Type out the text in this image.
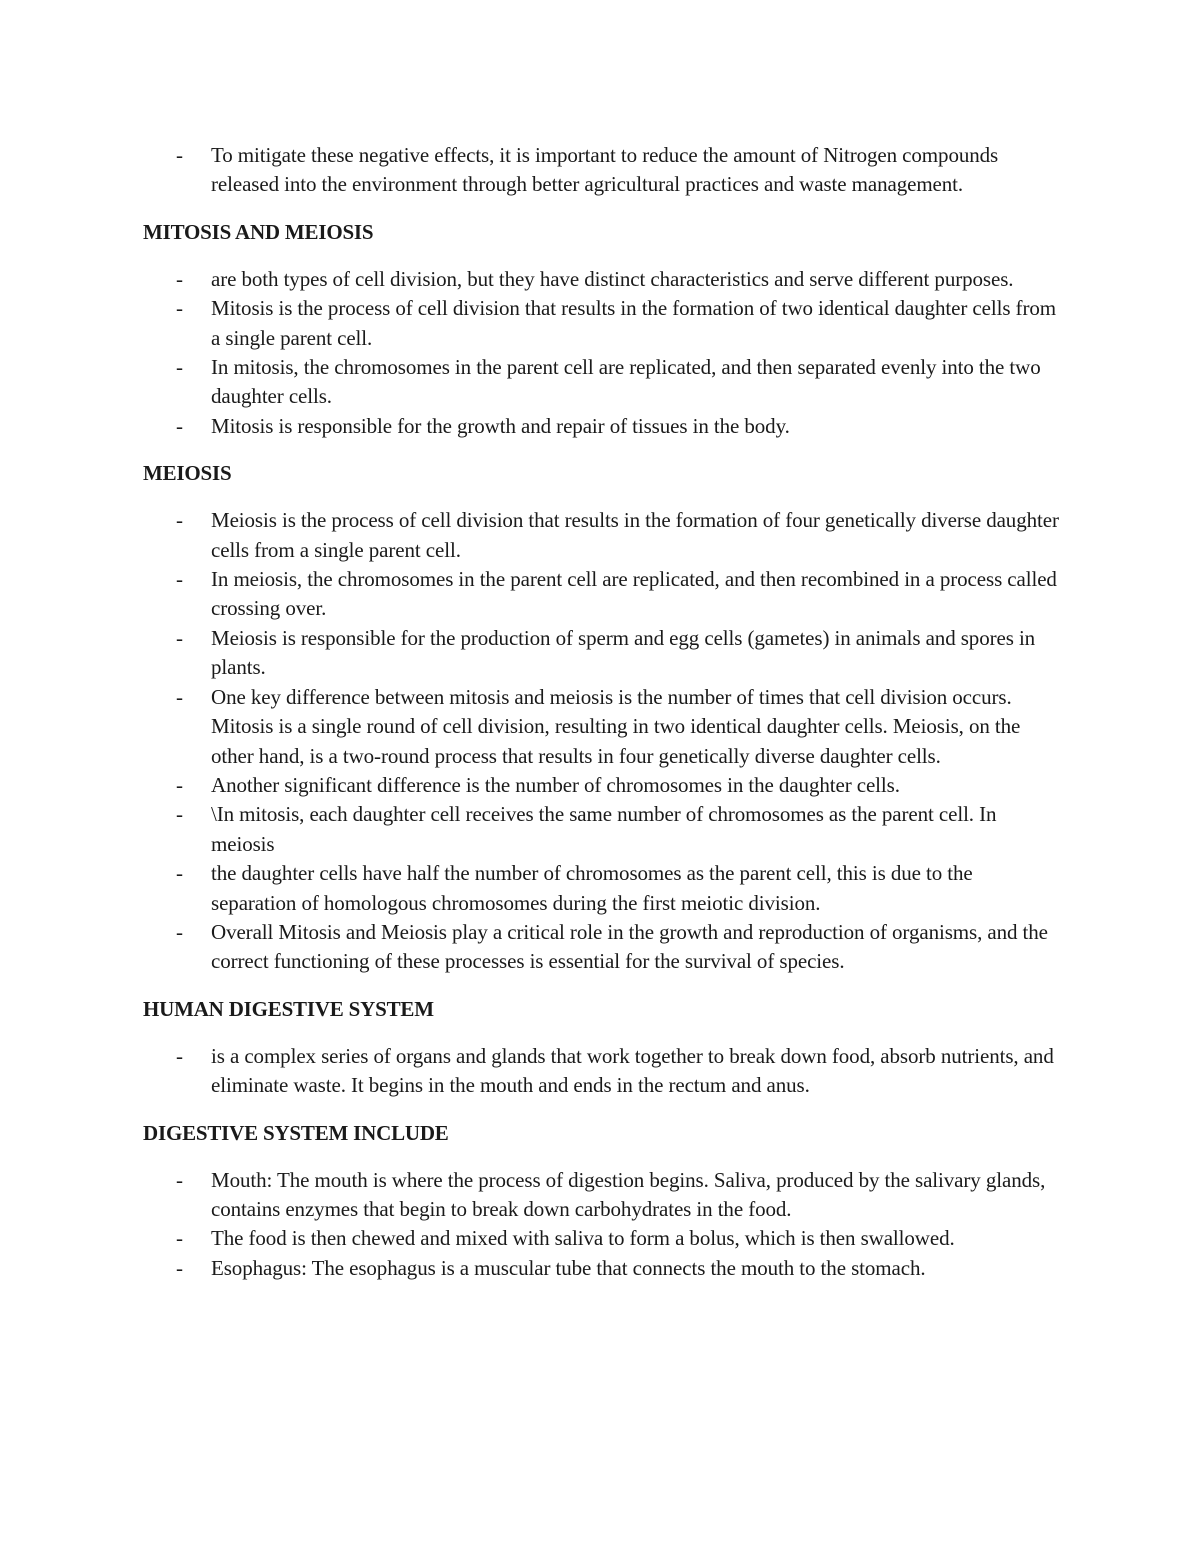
- To mitigate these negative effects, it is important to reduce the amount of Nitrogen compounds released into the environment through better agricultural practices and waste management.
MITOSIS AND MEIOSIS
- are both types of cell division, but they have distinct characteristics and serve different purposes.
- Mitosis is the process of cell division that results in the formation of two identical daughter cells from a single parent cell.
- In mitosis, the chromosomes in the parent cell are replicated, and then separated evenly into the two daughter cells.
- Mitosis is responsible for the growth and repair of tissues in the body.
MEIOSIS
- Meiosis is the process of cell division that results in the formation of four genetically diverse daughter cells from a single parent cell.
- In meiosis, the chromosomes in the parent cell are replicated, and then recombined in a process called crossing over.
- Meiosis is responsible for the production of sperm and egg cells (gametes) in animals and spores in plants.
- One key difference between mitosis and meiosis is the number of times that cell division occurs. Mitosis is a single round of cell division, resulting in two identical daughter cells. Meiosis, on the other hand, is a two-round process that results in four genetically diverse daughter cells.
- Another significant difference is the number of chromosomes in the daughter cells.
- \In mitosis, each daughter cell receives the same number of chromosomes as the parent cell. In meiosis
- the daughter cells have half the number of chromosomes as the parent cell, this is due to the separation of homologous chromosomes during the first meiotic division.
- Overall Mitosis and Meiosis play a critical role in the growth and reproduction of organisms, and the correct functioning of these processes is essential for the survival of species.
HUMAN DIGESTIVE SYSTEM
- is a complex series of organs and glands that work together to break down food, absorb nutrients, and eliminate waste. It begins in the mouth and ends in the rectum and anus.
DIGESTIVE SYSTEM INCLUDE
- Mouth: The mouth is where the process of digestion begins. Saliva, produced by the salivary glands, contains enzymes that begin to break down carbohydrates in the food.
- The food is then chewed and mixed with saliva to form a bolus, which is then swallowed.
- Esophagus: The esophagus is a muscular tube that connects the mouth to the stomach.
